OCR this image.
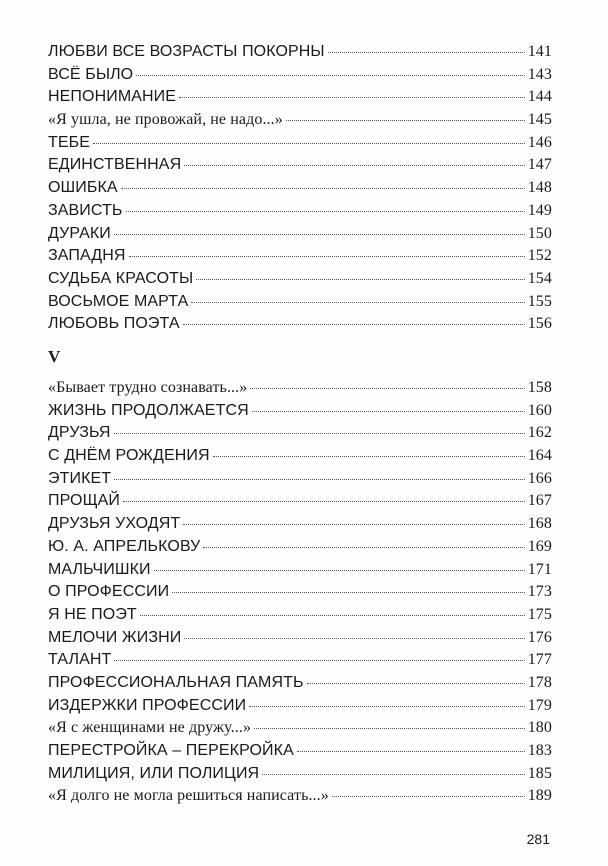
ЛЮБВИ ВСЕ ВОЗРАСТЫ ПОКОРНЫ	141
ВСЁ БЫЛО	143
НЕПОНИМАНИЕ	144
«Я ушла, не провожай, не надо...»	145
ТЕБЕ	146
ЕДИНСТВЕННАЯ	147
ОШИБКА	148
ЗАВИСТЬ	149
ДУРАКИ	150
ЗАПАДНЯ	152
СУДЬБА КРАСОТЫ	154
ВОСЬМОЕ МАРТА	155
ЛЮБОВЬ ПОЭТА	156
V
«Бывает трудно сознавать...»	158
ЖИЗНЬ ПРОДОЛЖАЕТСЯ	160
ДРУЗЬЯ	162
С ДНЁМ РОЖДЕНИЯ	164
ЭТИКЕТ	166
ПРОЩАЙ	167
ДРУЗЬЯ УХОДЯТ	168
Ю. А. АПРЕЛЬКОВУ	169
МАЛЬЧИШКИ	171
О ПРОФЕССИИ	173
Я НЕ ПОЭТ	175
МЕЛОЧИ ЖИЗНИ	176
ТАЛАНТ	177
ПРОФЕССИОНАЛЬНАЯ ПАМЯТЬ	178
ИЗДЕРЖКИ ПРОФЕССИИ	179
«Я с женщинами не дружу...»	180
ПЕРЕСТРОЙКА – ПЕРЕКРОЙКА	183
МИЛИЦИЯ, ИЛИ ПОЛИЦИЯ	185
«Я долго не могла решиться написать...»	189
281
